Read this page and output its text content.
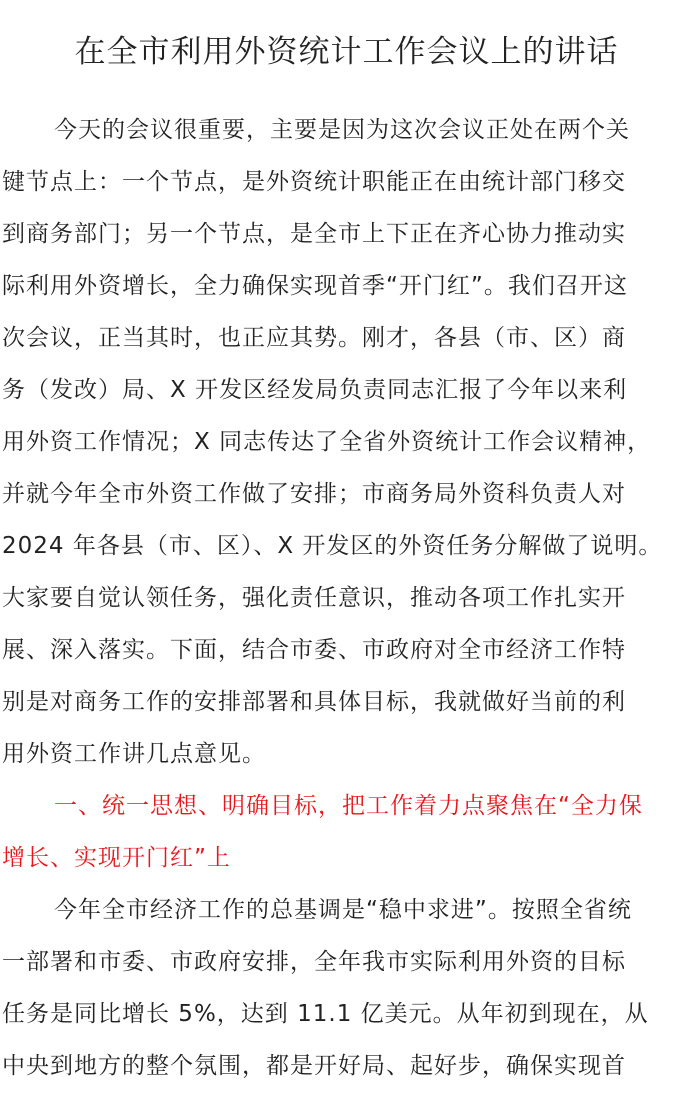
在全市利用外资统计工作会议上的讲话
今天的会议很重要，主要是因为这次会议正处在两个关
键节点上：一个节点，是外资统计职能正在由统计部门移交
到商务部门；另一个节点，是全市上下正在齐心协力推动实
际利用外资增长，全力确保实现首季“开门红”。我们召开这
次会议，正当其时，也正应其势。刚才，各县（市、区）商
务（发改）局、X 开发区经发局负责同志汇报了今年以来利
用外资工作情况；X 同志传达了全省外资统计工作会议精神，
并就今年全市外资工作做了安排；市商务局外资科负责人对
2024 年各县（市、区）、X 开发区的外资任务分解做了说明。
大家要自觉认领任务，强化责任意识，推动各项工作扎实开
展、深入落实。下面，结合市委、市政府对全市经济工作特
别是对商务工作的安排部署和具体目标，我就做好当前的利
用外资工作讲几点意见。
一、统一思想、明确目标，把工作着力点聚焦在“全力保
增长、实现开门红”上
今年全市经济工作的总基调是“稳中求进”。按照全省统
一部署和市委、市政府安排，全年我市实际利用外资的目标
任务是同比增长 5%，达到 11.1 亿美元。从年初到现在，从
中央到地方的整个氛围，都是开好局、起好步，确保实现首
